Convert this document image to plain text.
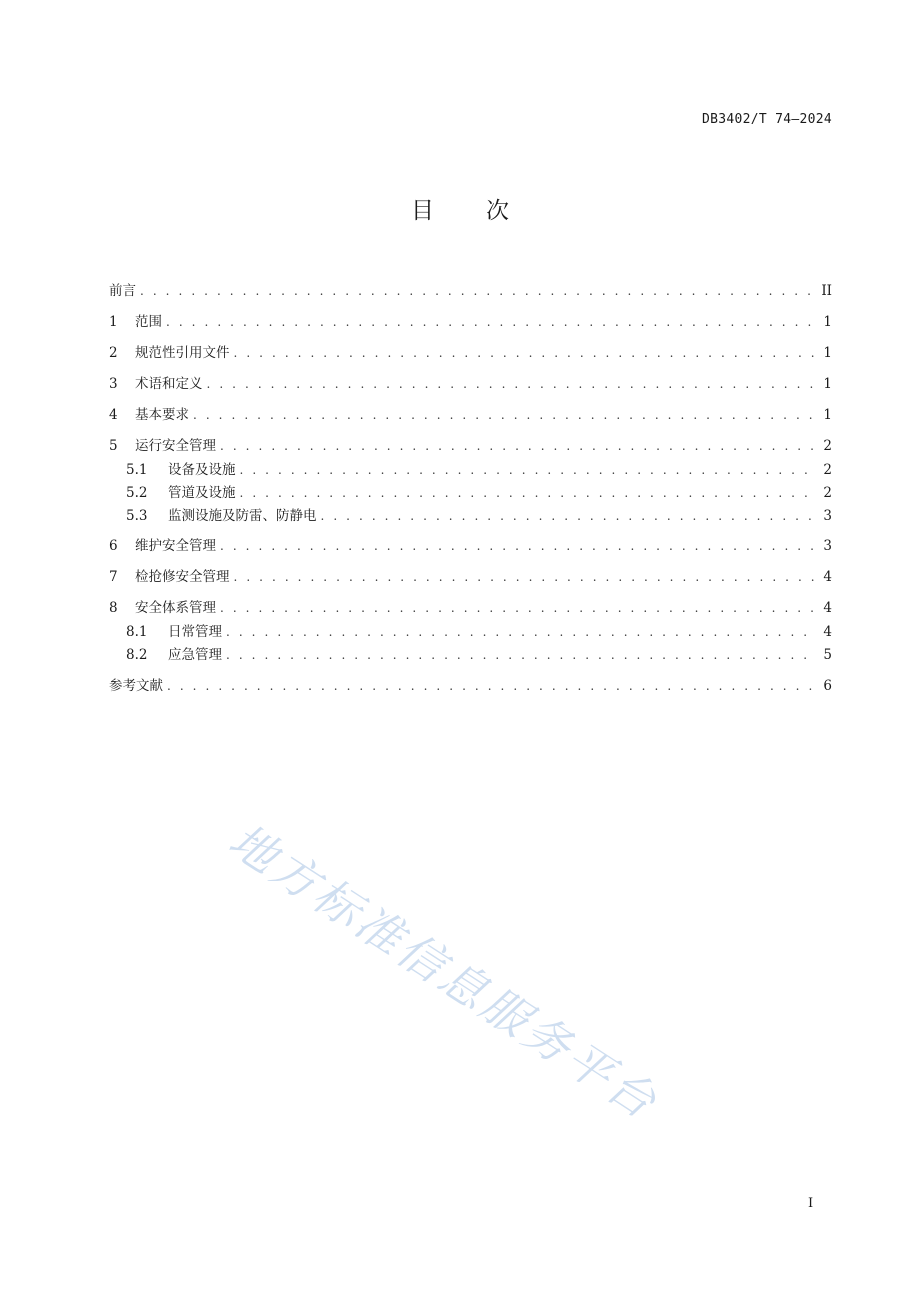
DB3402/T 74—2024
目 次
前言 . . .	II
1	范围 . . .	1
2	规范性引用文件 . . .	1
3	术语和定义 . . .	1
4	基本要求 . . .	1
5	运行安全管理 . . .	2
5.1	设备及设施 . . .	2
5.2	管道及设施 . . .	2
5.3	监测设施及防雷、防静电 . . .	3
6	维护安全管理 . . .	3
7	检抢修安全管理 . . .	4
8	安全体系管理 . . .	4
8.1	日常管理 . . .	4
8.2	应急管理 . . .	5
参考文献 . . .	6
地方标准信息服务平台
I
